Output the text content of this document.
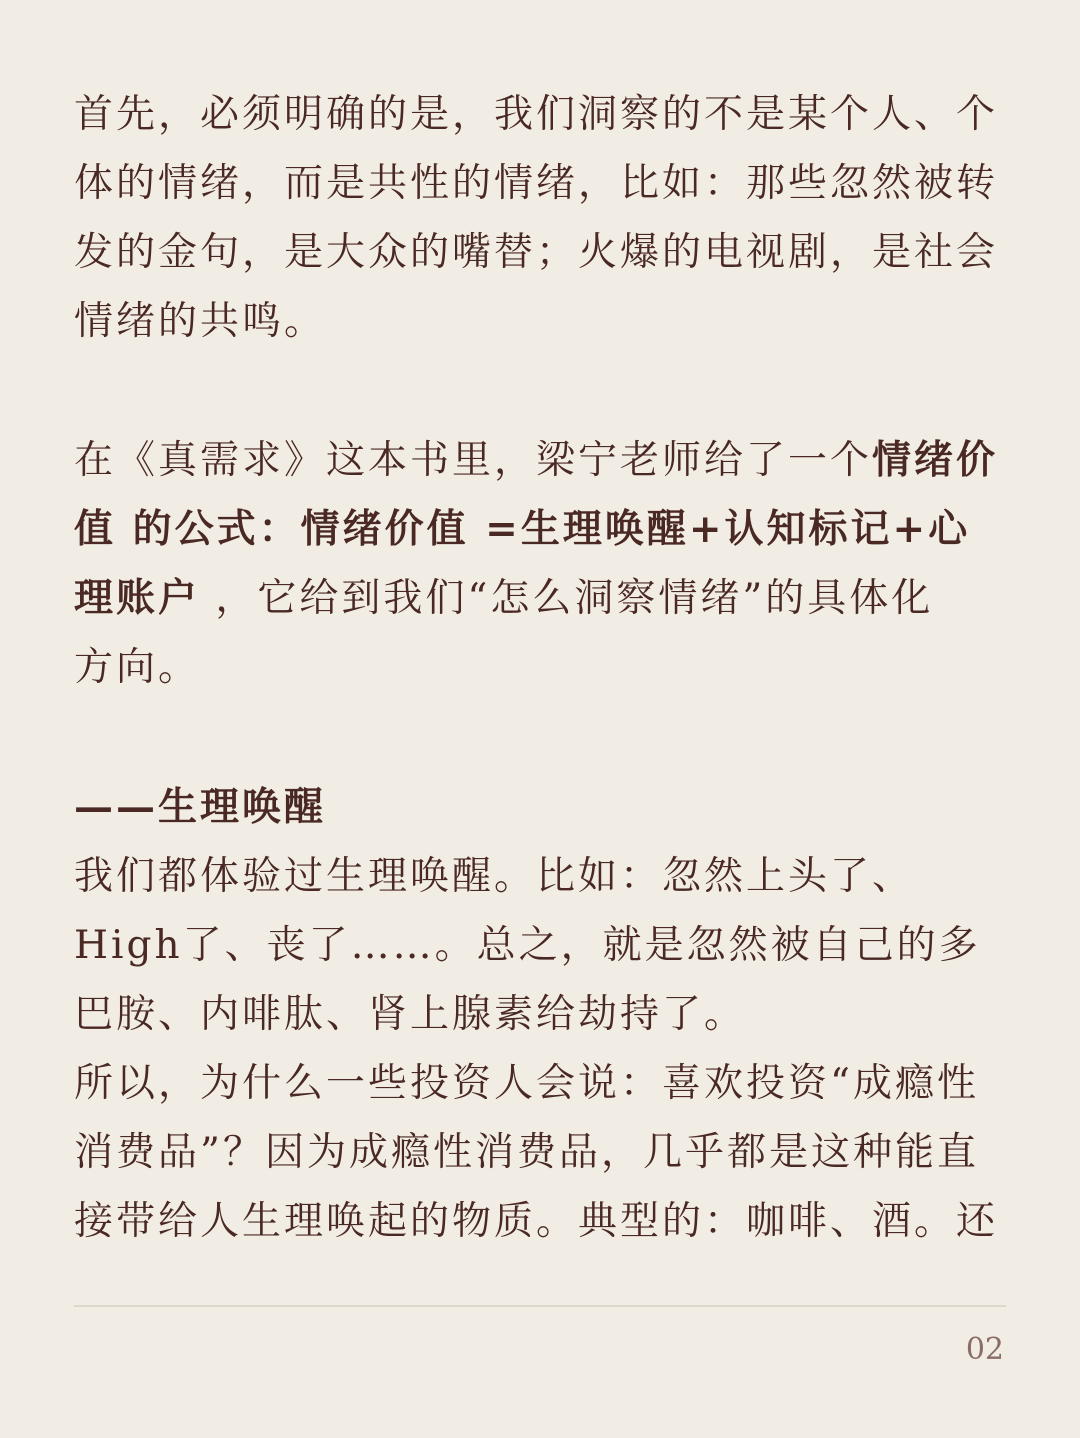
首先，必须明确的是，我们洞察的不是某个人、个
体的情绪，而是共性的情绪，比如：那些忽然被转
发的金句，是大众的嘴替；火爆的电视剧，是社会
情绪的共鸣。
在《真需求》这本书里，梁宁老师给了一个情绪价
值 的公式：情绪价值 =生理唤醒+认知标记+心
理账户 ，它给到我们“怎么洞察情绪”的具体化
方向。
——生理唤醒
我们都体验过生理唤醒。比如：忽然上头了、
High了、丧了……。总之，就是忽然被自己的多
巴胺、内啡肽、肾上腺素给劫持了。
所以，为什么一些投资人会说：喜欢投资“成瘾性
消费品”？因为成瘾性消费品，几乎都是这种能直
接带给人生理唤起的物质。典型的：咖啡、酒。还
02
